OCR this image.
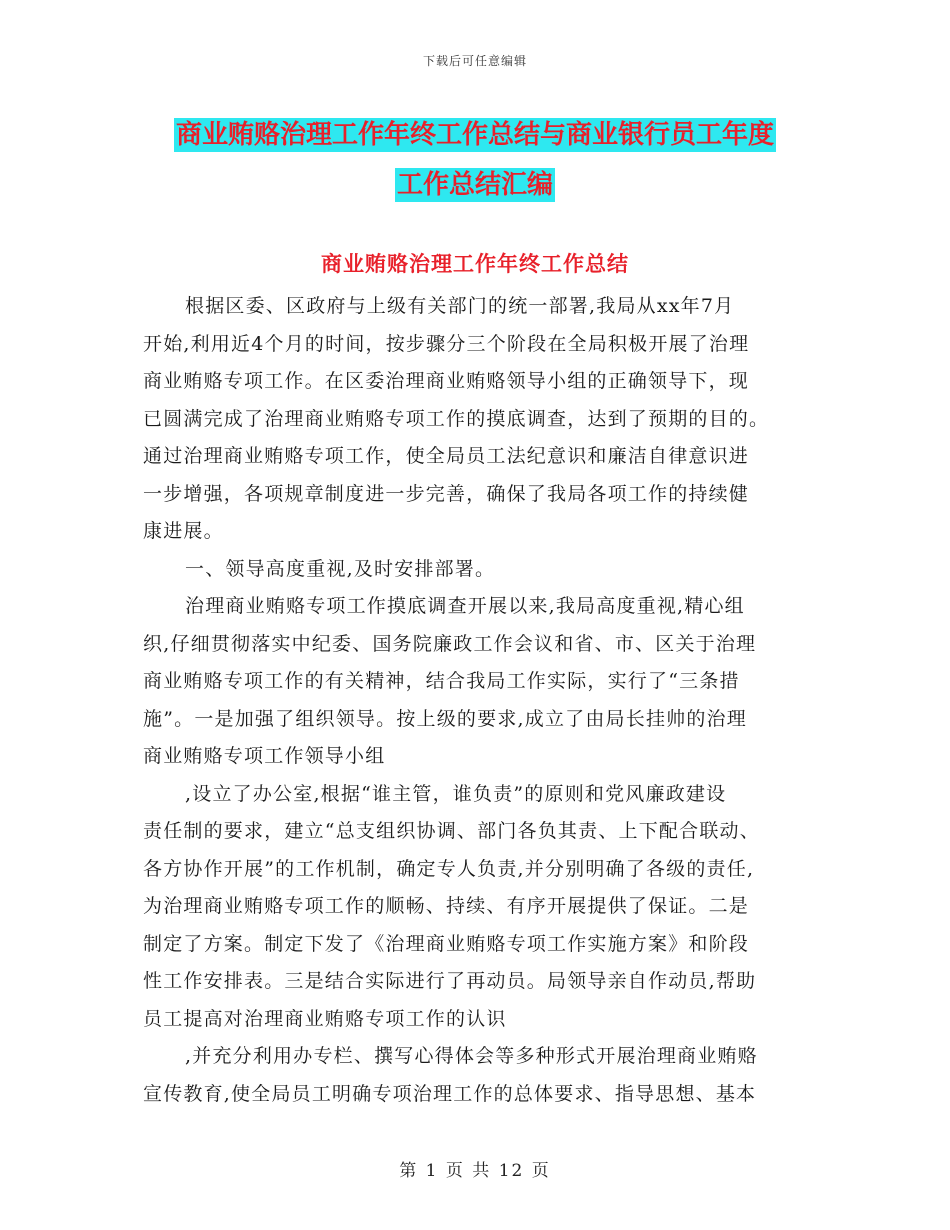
下载后可任意编辑
商业贿赂治理工作年终工作总结与商业银行员工年度
工作总结汇编
商业贿赂治理工作年终工作总结
根据区委、区政府与上级有关部门的统一部署,我局从xx年7月
开始,利用近4个月的时间，按步骤分三个阶段在全局积极开展了治理
商业贿赂专项工作。在区委治理商业贿赂领导小组的正确领导下，现
已圆满完成了治理商业贿赂专项工作的摸底调查，达到了预期的目的。
通过治理商业贿赂专项工作，使全局员工法纪意识和廉洁自律意识进
一步增强，各项规章制度进一步完善，确保了我局各项工作的持续健
康进展。
一、领导高度重视,及时安排部署。
治理商业贿赂专项工作摸底调查开展以来,我局高度重视,精心组
织,仔细贯彻落实中纪委、国务院廉政工作会议和省、市、区关于治理
商业贿赂专项工作的有关精神，结合我局工作实际，实行了“三条措
施”。一是加强了组织领导。按上级的要求,成立了由局长挂帅的治理
商业贿赂专项工作领导小组
,设立了办公室,根据“谁主管，谁负责”的原则和党风廉政建设
责任制的要求，建立“总支组织协调、部门各负其责、上下配合联动、
各方协作开展”的工作机制，确定专人负责,并分别明确了各级的责任,
为治理商业贿赂专项工作的顺畅、持续、有序开展提供了保证。二是
制定了方案。制定下发了《治理商业贿赂专项工作实施方案》和阶段
性工作安排表。三是结合实际进行了再动员。局领导亲自作动员,帮助
员工提高对治理商业贿赂专项工作的认识
,并充分利用办专栏、撰写心得体会等多种形式开展治理商业贿赂
宣传教育,使全局员工明确专项治理工作的总体要求、指导思想、基本
第 1 页 共 12 页
